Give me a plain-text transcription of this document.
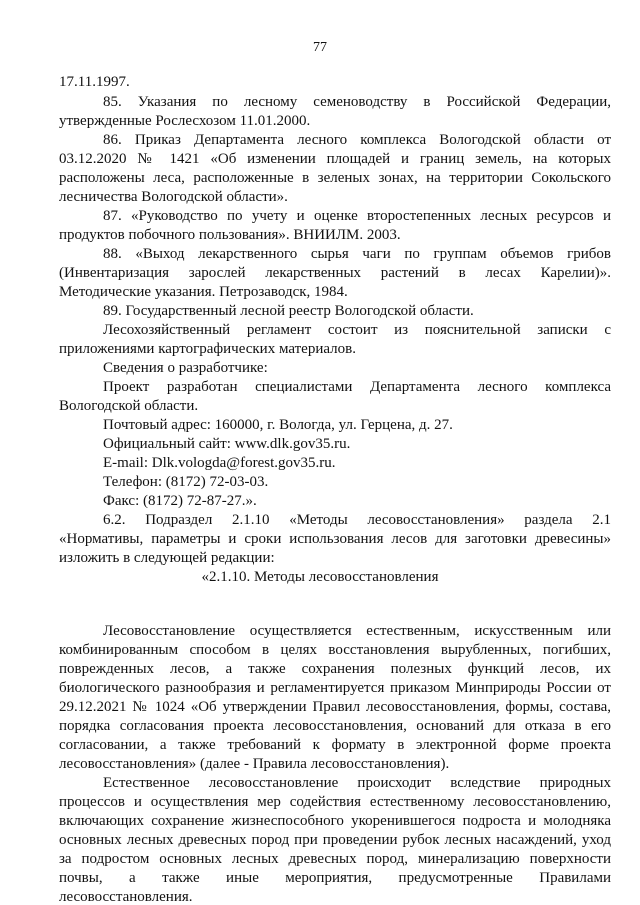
77
17.11.1997.
85. Указания по лесному семеноводству в Российской Федерации,
утвержденные Рослесхозом 11.01.2000.
86. Приказ Департамента лесного комплекса Вологодской области от
03.12.2020 № 1421 «Об изменении площадей и границ земель, на которых
расположены леса, расположенные в зеленых зонах, на территории Сокольского
лесничества Вологодской области».
87. «Руководство по учету и оценке второстепенных лесных ресурсов и
продуктов побочного пользования». ВНИИЛМ. 2003.
88. «Выход лекарственного сырья чаги по группам объемов грибов
(Инвентаризация зарослей лекарственных растений в лесах Карелии)».
Методические указания. Петрозаводск, 1984.
89. Государственный лесной реестр Вологодской области.
Лесохозяйственный регламент состоит из пояснительной записки с
приложениями картографических материалов.
Сведения о разработчике:
Проект разработан специалистами Департамента лесного комплекса
Вологодской области.
Почтовый адрес: 160000, г. Вологда, ул. Герцена, д. 27.
Официальный сайт: www.dlk.gov35.ru.
E-mail: Dlk.vologda@forest.gov35.ru.
Телефон: (8172) 72-03-03.
Факс: (8172) 72-87-27.».
6.2. Подраздел 2.1.10 «Методы лесовосстановления» раздела 2.1
«Нормативы, параметры и сроки использования лесов для заготовки древесины»
изложить в следующей редакции:
«2.1.10. Методы лесовосстановления
Лесовосстановление осуществляется естественным, искусственным или
комбинированным способом в целях восстановления вырубленных, погибших,
поврежденных лесов, а также сохранения полезных функций лесов, их
биологического разнообразия и регламентируется приказом Минприроды России от
29.12.2021 № 1024 «Об утверждении Правил лесовосстановления, формы, состава,
порядка согласования проекта лесовосстановления, оснований для отказа в его
согласовании, а также требований к формату в электронной форме проекта
лесовосстановления» (далее - Правила лесовосстановления).
Естественное лесовосстановление происходит вследствие природных
процессов и осуществления мер содействия естественному лесовосстановлению,
включающих сохранение жизнеспособного укоренившегося подроста и молодняка
основных лесных древесных пород при проведении рубок лесных насаждений, уход
за подростом основных лесных древесных пород, минерализацию поверхности
почвы, а также иные мероприятия, предусмотренные Правилами
лесовосстановления.
